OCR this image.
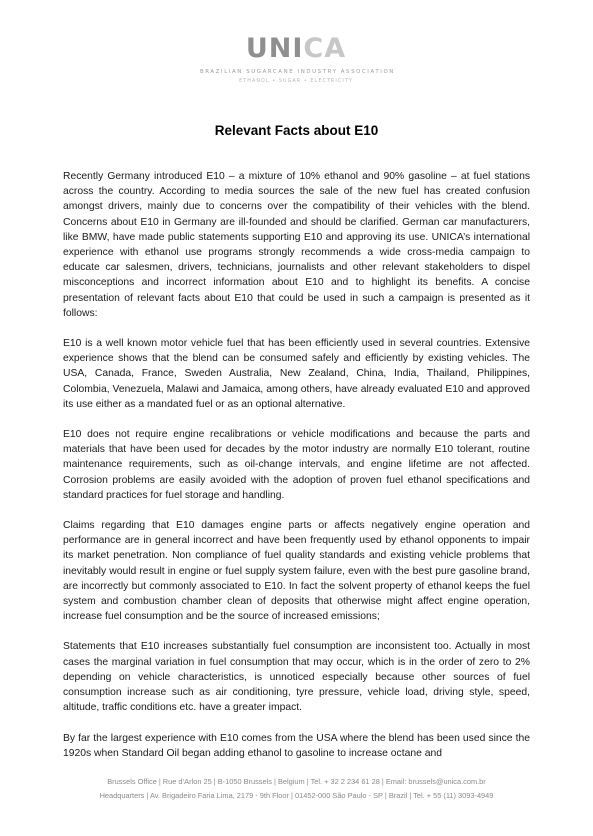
UNICA
BRAZILIAN SUGARCANE INDUSTRY ASSOCIATION
ETHANOL • SUGAR • ELECTRICITY
Relevant Facts about E10

Recently Germany introduced E10 – a mixture of 10% ethanol and 90% gasoline – at fuel stations across the country. According to media sources the sale of the new fuel has created confusion amongst drivers, mainly due to concerns over the compatibility of their vehicles with the blend. Concerns about E10 in Germany are ill-founded and should be clarified. German car manufacturers, like BMW, have made public statements supporting E10 and approving its use. UNICA’s international experience with ethanol use programs strongly recommends a wide cross-media campaign to educate car salesmen, drivers, technicians, journalists and other relevant stakeholders to dispel misconceptions and incorrect information about E10 and to highlight its benefits. A concise presentation of relevant facts about E10 that could be used in such a campaign is presented as it follows:

E10 is a well known motor vehicle fuel that has been efficiently used in several countries. Extensive experience shows that the blend can be consumed safely and efficiently by existing vehicles. The USA, Canada, France, Sweden Australia, New Zealand, China, India, Thailand, Philippines, Colombia, Venezuela, Malawi and Jamaica, among others, have already evaluated E10 and approved its use either as a mandated fuel or as an optional alternative.

E10 does not require engine recalibrations or vehicle modifications and because the parts and materials that have been used for decades by the motor industry are normally E10 tolerant, routine maintenance requirements, such as oil-change intervals, and engine lifetime are not affected. Corrosion problems are easily avoided with the adoption of proven fuel ethanol specifications and standard practices for fuel storage and handling.

Claims regarding that E10 damages engine parts or affects negatively engine operation and performance are in general incorrect and have been frequently used by ethanol opponents to impair its market penetration. Non compliance of fuel quality standards and existing vehicle problems that inevitably would result in engine or fuel supply system failure, even with the best pure gasoline brand, are incorrectly but commonly associated to E10. In fact the solvent property of ethanol keeps the fuel system and combustion chamber clean of deposits that otherwise might affect engine operation, increase fuel consumption and be the source of increased emissions;

Statements that E10 increases substantially fuel consumption are inconsistent too. Actually in most cases the marginal variation in fuel consumption that may occur, which is in the order of zero to 2% depending on vehicle characteristics, is unnoticed especially because other sources of fuel consumption increase such as air conditioning, tyre pressure, vehicle load, driving style, speed, altitude, traffic conditions etc. have a greater impact.

By far the largest experience with E10 comes from the USA where the blend has been used since the 1920s when Standard Oil began adding ethanol to gasoline to increase octane and

Brussels Office | Rue d’Arlon 25 | B-1050 Brussels | Belgium | Tel. + 32 2 234 61 28 | Email: brussels@unica.com.br
Headquarters | Av. Brigadeiro Faria Lima, 2179 - 9th Floor | 01452-000 São Paulo - SP | Brazil | Tel. + 55 (11) 3093-4949
